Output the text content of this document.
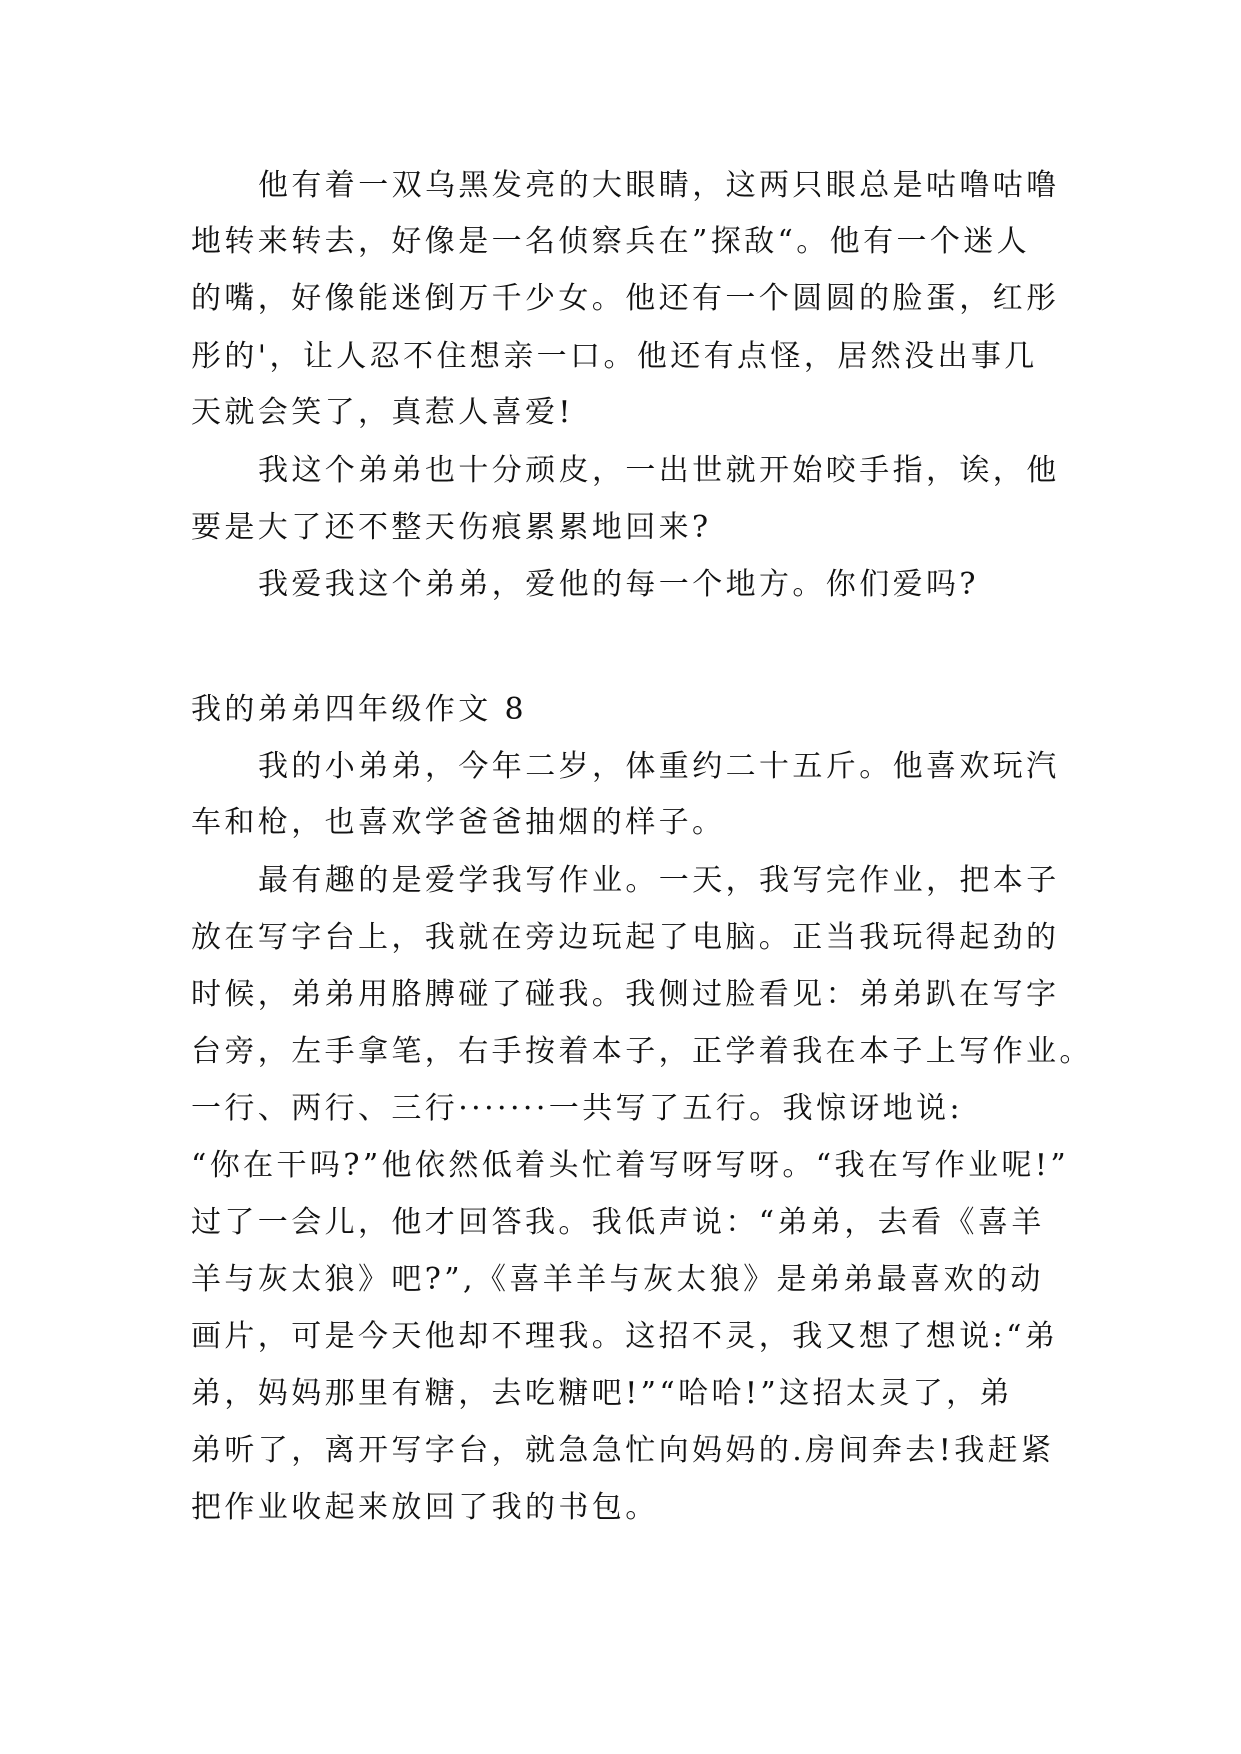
他有着一双乌黑发亮的大眼睛，这两只眼总是咕噜咕噜

地转来转去，好像是一名侦察兵在”探敌“。他有一个迷人

的嘴，好像能迷倒万千少女。他还有一个圆圆的脸蛋，红彤

彤的'，让人忍不住想亲一口。他还有点怪，居然没出事几

天就会笑了，真惹人喜爱!

我这个弟弟也十分顽皮，一出世就开始咬手指，诶，他

要是大了还不整天伤痕累累地回来?

我爱我这个弟弟，爱他的每一个地方。你们爱吗?

我的弟弟四年级作文 8

我的小弟弟，今年二岁，体重约二十五斤。他喜欢玩汽

车和枪，也喜欢学爸爸抽烟的样子。

最有趣的是爱学我写作业。一天，我写完作业，把本子

放在写字台上，我就在旁边玩起了电脑。正当我玩得起劲的

时候，弟弟用胳膊碰了碰我。我侧过脸看见：弟弟趴在写字

台旁，左手拿笔，右手按着本子，正学着我在本子上写作业。

一行、两行、三行·······一共写了五行。我惊讶地说:

“你在干吗?”他依然低着头忙着写呀写呀。“我在写作业呢!”

过了一会儿，他才回答我。我低声说：“弟弟，去看《喜羊

羊与灰太狼》吧?”,《喜羊羊与灰太狼》是弟弟最喜欢的动

画片，可是今天他却不理我。这招不灵，我又想了想说:“弟

弟，妈妈那里有糖，去吃糖吧!”“哈哈!”这招太灵了，弟

弟听了，离开写字台，就急急忙向妈妈的.房间奔去!我赶紧

把作业收起来放回了我的书包。
